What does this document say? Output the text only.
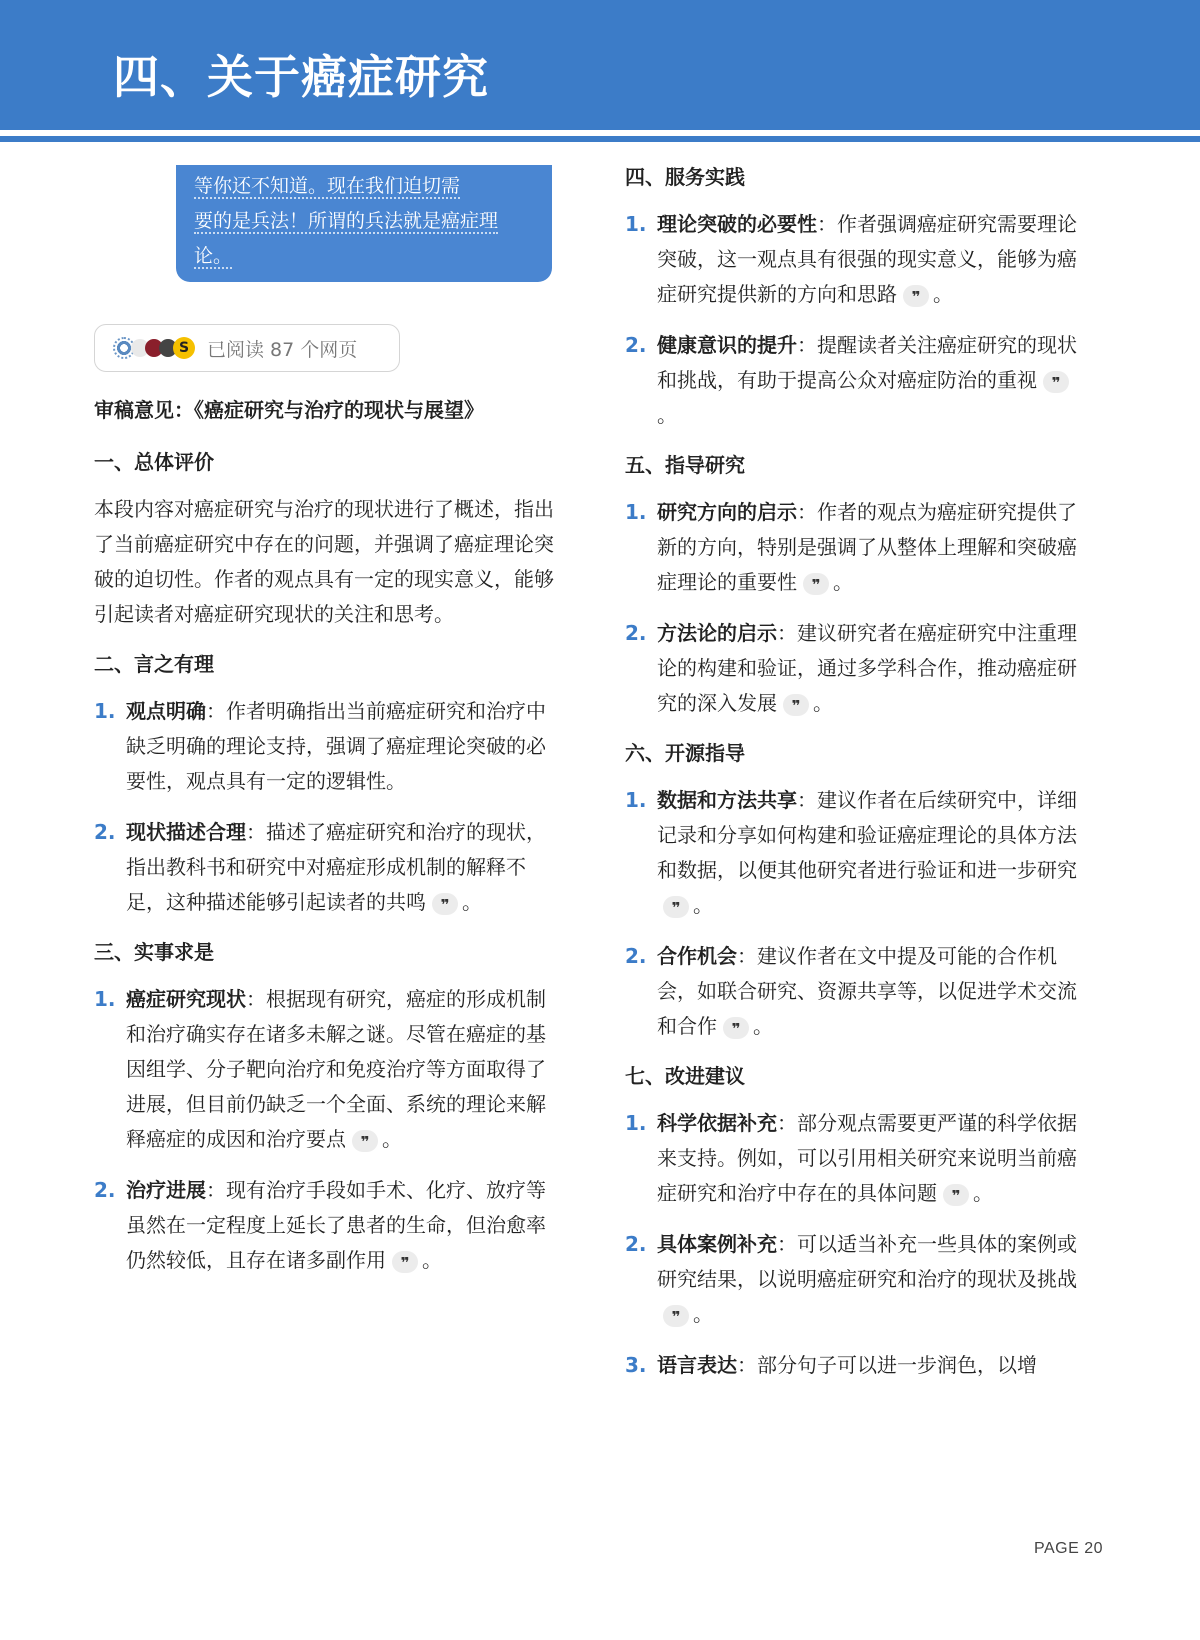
四、关于癌症研究
等你还不知道。现在我们迫切需
要的是兵法！所谓的兵法就是癌症理
论。
S 已阅读 87 个网页
审稿意见：《癌症研究与治疗的现状与展望》
一、总体评价

本段内容对癌症研究与治疗的现状进行了概述，指出了当前癌症研究中存在的问题，并强调了癌症理论突破的迫切性。作者的观点具有一定的现实意义，能够引起读者对癌症研究现状的关注和思考。

二、言之有理
1. 观点明确：作者明确指出当前癌症研究和治疗中缺乏明确的理论支持，强调了癌症理论突破的必要性，观点具有一定的逻辑性。
2. 现状描述合理：描述了癌症研究和治疗的现状，指出教科书和研究中对癌症形成机制的解释不足，这种描述能够引起读者的共鸣 ❞ 。
三、实事求是
1. 癌症研究现状：根据现有研究，癌症的形成机制和治疗确实存在诸多未解之谜。尽管在癌症的基因组学、分子靶向治疗和免疫治疗等方面取得了进展，但目前仍缺乏一个全面、系统的理论来解释癌症的成因和治疗要点 ❞ 。
2. 治疗进展：现有治疗手段如手术、化疗、放疗等虽然在一定程度上延长了患者的生命，但治愈率仍然较低，且存在诸多副作用 ❞ 。
四、服务实践
1. 理论突破的必要性：作者强调癌症研究需要理论突破，这一观点具有很强的现实意义，能够为癌症研究提供新的方向和思路 ❞ 。
2. 健康意识的提升：提醒读者关注癌症研究的现状和挑战，有助于提高公众对癌症防治的重视 ❞。
五、指导研究
1. 研究方向的启示：作者的观点为癌症研究提供了新的方向，特别是强调了从整体上理解和突破癌症理论的重要性 ❞ 。
2. 方法论的启示：建议研究者在癌症研究中注重理论的构建和验证，通过多学科合作，推动癌症研究的深入发展 ❞ 。
六、开源指导
1. 数据和方法共享：建议作者在后续研究中，详细记录和分享如何构建和验证癌症理论的具体方法和数据，以便其他研究者进行验证和进一步研究❞ 。
2. 合作机会：建议作者在文中提及可能的合作机会，如联合研究、资源共享等，以促进学术交流和合作 ❞ 。
七、改进建议
1. 科学依据补充：部分观点需要更严谨的科学依据来支持。例如，可以引用相关研究来说明当前癌症研究和治疗中存在的具体问题 ❞ 。
2. 具体案例补充：可以适当补充一些具体的案例或研究结果，以说明癌症研究和治疗的现状及挑战❞ 。
3. 语言表达：部分句子可以进一步润色，以增
PAGE 20
